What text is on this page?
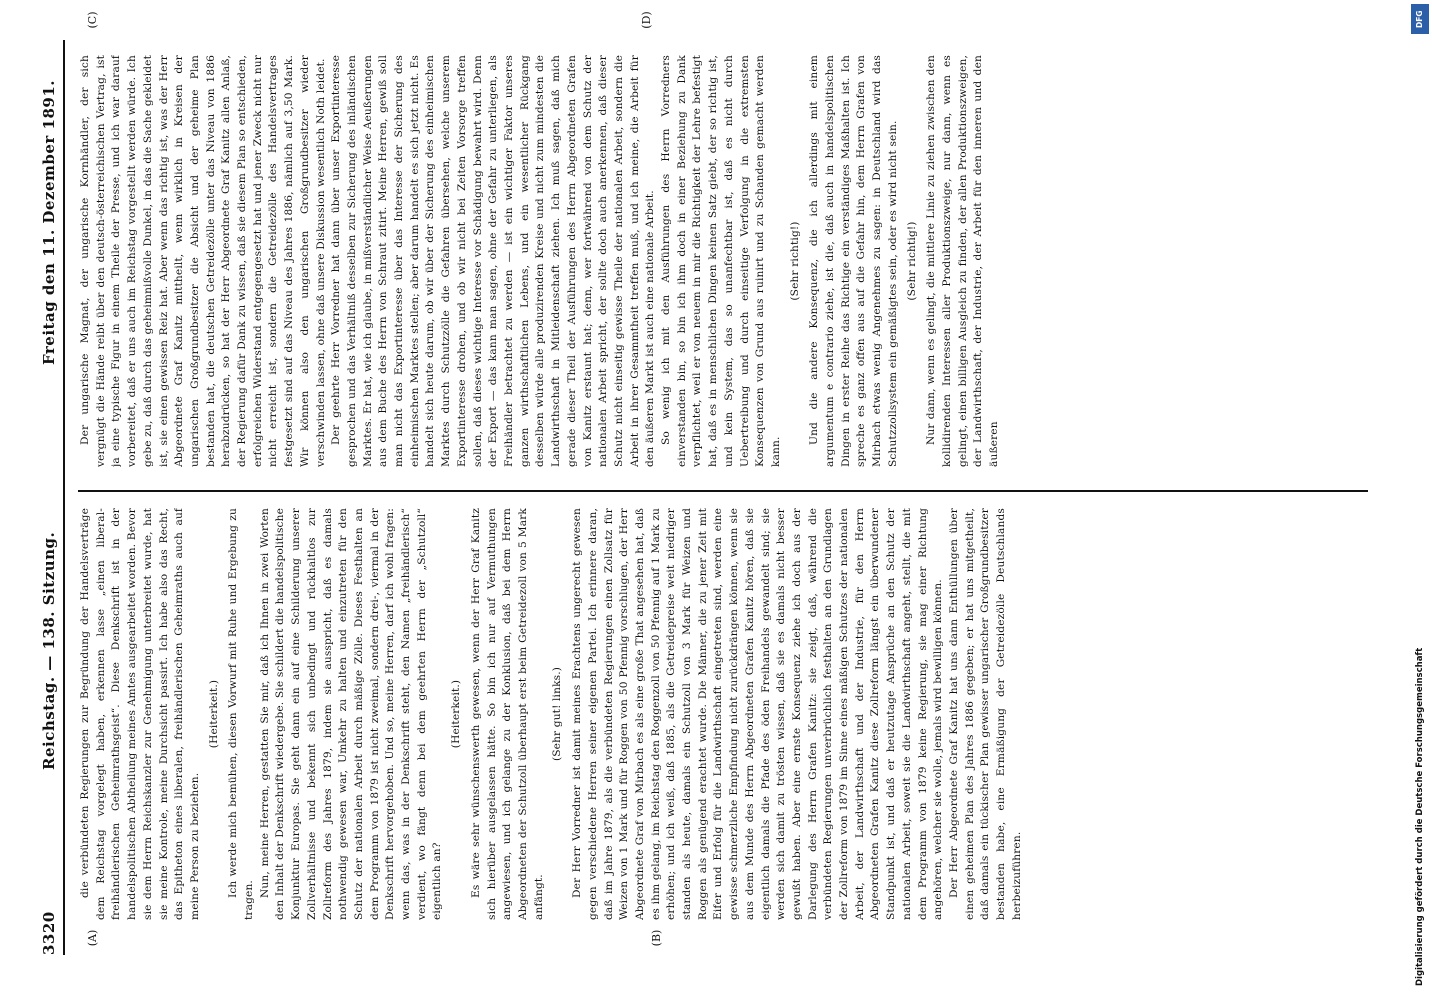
3320
Reichstag. — 138. Sitzung.
Freitag den 11. Dezember 1891.
(A)	(B)
(C)	(D)

die verbündeten Regierungen zur Begründung der Handelsverträge dem Reichstag vorgelegt haben, erkennen lasse „einen liberal-freihändlerischen Geheimrathsgeist“. Diese Denkschrift ist in der handelspolitischen Abtheilung meines Amtes ausgearbeitet worden. Bevor sie dem Herrn Reichskanzler zur Genehmigung unterbreitet wurde, hat sie meine Kontrole, meine Durchsicht passirt. Ich habe also das Recht, das Epitheton eines liberalen, freihändlerischen Geheimraths auch auf meine Person zu beziehen.

(Heiterkeit.) Ich werde mich bemühen, diesen Vorwurf mit Ruhe und Ergebung zu tragen.

Nun, meine Herren, gestatten Sie mir, daß ich Ihnen in zwei Worten den Inhalt der Denkschrift wiedergebe. Sie schildert die handelspolitische Konjunktur Europas. Sie geht dann ein auf eine Schilderung unserer Zollverhältnisse und bekennt sich unbedingt und rückhaltlos zur Zollreform des Jahres 1879, indem sie ausspricht, daß es damals nothwendig gewesen war, Umkehr zu halten und einzutreten für den Schutz der nationalen Arbeit durch mäßige Zölle. Dieses Festhalten an dem Programm von 1879 ist nicht zweimal, sondern drei-, viermal in der Denkschrift hervorgehoben. Und so, meine Herren, darf ich wohl fragen: wenn das, was in der Denkschrift steht, den Namen „freihändlerisch“ verdient, wo fängt denn bei dem geehrten Herrn der „Schutzoll“ eigentlich an?

(Heiterkeit.) Es wäre sehr wünschenswerth gewesen, wenn der Herr Graf Kanitz sich hierüber ausgelassen hätte. So bin ich nur auf Vermuthungen angewiesen, und ich gelange zu der Konklusion, daß bei dem Herrn Abgeordneten der Schutzoll überhaupt erst beim Getreidezoll von 5 Mark anfängt.

(Sehr gut! links.) Der Herr Vorredner ist damit meines Erachtens ungerecht gewesen gegen verschiedene Herren seiner eigenen Partei. Ich erinnere daran, daß im Jahre 1879, als die verbündeten Regierungen einen Zollsatz für Weizen von 1 Mark und für Roggen von 50 Pfennig vorschlugen, der Herr Abgeordnete Graf von Mirbach es als eine große That angesehen hat, daß es ihm gelang, im Reichstag den Roggenzoll von 50 Pfennig auf 1 Mark zu erhöhen; und ich weiß, daß 1885, als die Getreidepreise weit niedriger standen als heute, damals ein Schutzoll von 3 Mark für Weizen und Roggen als genügend erachtet wurde. Die Männer, die zu jener Zeit mit Eifer und Erfolg für die Landwirthschaft eingetreten sind, werden eine gewisse schmerzliche Empfindung nicht zurückdrängen können, wenn sie aus dem Munde des Herrn Abgeordneten Grafen Kanitz hören, daß sie eigentlich damals die Pfade des öden Freihandels gewandelt sind; sie werden sich damit zu trösten wissen, daß sie es damals nicht besser gewußt haben. Aber eine ernste Konsequenz ziehe ich doch aus der Darlegung des Herrn Grafen Kanitz: sie zeigt, daß, während die verbündeten Regierungen unverbrüchlich festhalten an den Grundlagen der Zollreform von 1879 im Sinne eines mäßigen Schutzes der nationalen Arbeit, der Landwirthschaft und der Industrie, für den Herrn Abgeordneten Grafen Kanitz diese Zollreform längst ein überwundener Standpunkt ist, und daß er heutzutage Ansprüche an den Schutz der nationalen Arbeit, soweit sie die Landwirthschaft angeht, stellt, die mit dem Programm von 1879 keine Regierung, sie mag einer Richtung angehören, welcher sie wolle, jemals wird bewilligen können. Der Herr Abgeordnete Graf Kanitz hat uns dann Enthüllungen über einen geheimen Plan des Jahres 1886 gegeben; er hat uns mitgetheilt, daß damals ein tückischer Plan gewisser ungarischer Großgrundbesitzer bestanden habe, eine Ermäßigung der Getreidezölle Deutschlands herbeizuführen.

Der ungarische Magnat, der ungarische Kornhändler, der sich vergnügt die Hände reibt über den deutsch-österreichischen Vertrag, ist ja eine typische Figur in einem Theile der Presse, und ich war darauf vorbereitet, daß er uns auch im Reichstag vorgestellt werden würde. Ich gebe zu, daß durch das geheimnißvolle Dunkel, in das die Sache gekleidet ist, sie einen gewissen Reiz hat. Aber wenn das richtig ist, was der Herr Abgeordnete Graf Kanitz mittheilt, wenn wirklich in Kreisen der ungarischen Großgrundbesitzer die Absicht und der geheime Plan bestanden hat, die deutschen Getreidezölle unter das Niveau von 1886 herabzudrücken, so hat der Herr Abgeordnete Graf Kanitz allen Anlaß, der Regierung dafür Dank zu wissen, daß sie diesem Plan so entschieden, erfolgreichen Widerstand entgegengesetzt hat und jener Zweck nicht nur nicht erreicht ist, sondern die Getreidezölle des Handelsvertrages festgesetzt sind auf das Niveau des Jahres 1886, nämlich auf 3,50 Mark. Wir können also den ungarischen Großgrundbesitzer wieder verschwinden lassen, ohne daß unsere Diskussion wesentlich Noth leidet. Der geehrte Herr Vorredner hat dann über unser Exportinteresse gesprochen und das Verhältniß desselben zur Sicherung des inländischen Marktes. Er hat, wie ich glaube, in mißverständlicher Weise Aeußerungen aus dem Buche des Herrn von Schraut zitirt. Meine Herren, gewiß soll man nicht das Exportinteresse über das Interesse der Sicherung des einheimischen Marktes stellen; aber darum handelt es sich jetzt nicht. Es handelt sich heute darum, ob wir über der Sicherung des einheimischen Marktes durch Schutzzölle die Gefahren übersehen, welche unserem Exportinteresse drohen, und ob wir nicht bei Zeiten Vorsorge treffen sollen, daß dieses wichtige Interesse vor Schädigung bewahrt wird. Denn der Export — das kann man sagen, ohne der Gefahr zu unterliegen, als Freihändler betrachtet zu werden — ist ein wichtiger Faktor unseres ganzen wirthschaftlichen Lebens, und ein wesentlicher Rückgang desselben würde alle produzirenden Kreise und nicht zum mindesten die Landwirthschaft in Mitleidenschaft ziehen. Ich muß sagen, daß mich gerade dieser Theil der Ausführungen des Herrn Abgeordneten Grafen von Kanitz erstaunt hat; denn, wer fortwährend von dem Schutz der nationalen Arbeit spricht, der sollte doch auch anerkennen, daß dieser Schutz nicht einseitig gewisse Theile der nationalen Arbeit, sondern die Arbeit in ihrer Gesammtheit treffen muß, und ich meine, die Arbeit für den äußeren Markt ist auch eine nationale Arbeit. So wenig ich mit den Ausführungen des Herrn Vorredners einverstanden bin, so bin ich ihm doch in einer Beziehung zu Dank verpflichtet, weil er von neuem in mir die Richtigkeit der Lehre befestigt hat, daß es in menschlichen Dingen keinen Satz giebt, der so richtig ist, und kein System, das so unanfechtbar ist, daß es nicht durch Uebertreibung und durch einseitige Verfolgung in die extremsten Konsequenzen von Grund aus ruinirt und zu Schanden gemacht werden kann.

(Sehr richtig!) Und die andere Konsequenz, die ich allerdings mit einem argumentum e contrario ziehe, ist die, daß auch in handelspolitischen Dingen in erster Reihe das Richtige ein verständiges Maßhalten ist. Ich spreche es ganz offen aus auf die Gefahr hin, dem Herrn Grafen von Mirbach etwas wenig Angenehmes zu sagen: in Deutschland wird das Schutzzollsystem ein gemäßigtes sein, oder es wird nicht sein. (Sehr richtig!) Nur dann, wenn es gelingt, die mittlere Linie zu ziehen zwischen den kollidirenden Interessen aller Produktionszweige, nur dann, wenn es gelingt, einen billigen Ausgleich zu finden, der allen Produktionszweigen, der Landwirthschaft, der Industrie, der Arbeit für den inneren und den äußeren

Digitalisierung gefördert durch die Deutsche Forschungsgemeinschaft
DFG
